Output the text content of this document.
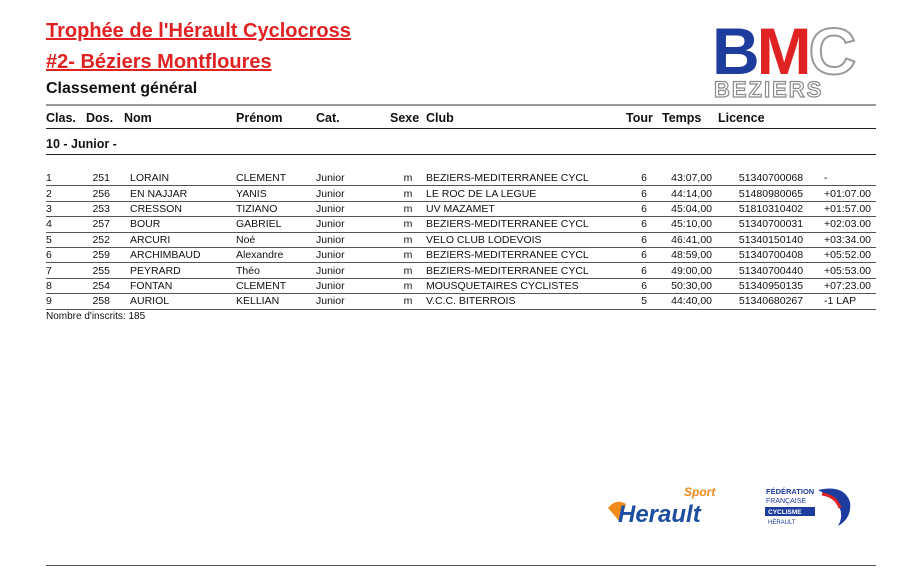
Trophée de l'Hérault Cyclocross
#2- Béziers Montfloures
Classement général
BMC
BEZIERS
Clas. Dos. Nom	Prénom	Cat.	Sexe Club	Tour Temps Licence
10 - Junior -
1	251	LORAIN	CLEMENT	Junior	m	BEZIERS-MEDITERRANEE CYCL	6	43:07,00	51340700068	-
2	256	EN NAJJAR	YANIS	Junior	m	LE ROC DE LA LEGUE	6	44:14,00	51480980065	+01:07.00
3	253	CRESSON	TIZIANO	Junior	m	UV MAZAMET	6	45:04,00	51810310402	+01:57.00
4	257	BOUR	GABRIEL	Junior	m	BEZIERS-MEDITERRANEE CYCL	6	45:10,00	51340700031	+02:03.00
5	252	ARCURI	Noé	Junior	m	VELO CLUB LODEVOIS	6	46:41,00	51340150140	+03:34.00
6	259	ARCHIMBAUD	Alexandre	Junior	m	BEZIERS-MEDITERRANEE CYCL	6	48:59,00	51340700408	+05:52.00
7	255	PEYRARD	Théo	Junior	m	BEZIERS-MEDITERRANEE CYCL	6	49:00,00	51340700440	+05:53.00
8	254	FONTAN	CLEMENT	Junior	m	MOUSQUETAIRES CYCLISTES	6	50:30,00	51340950135	+07:23.00
9	258	AURIOL	KELLIAN	Junior	m	V.C.C. BITERROIS	5	44:40,00	51340680267	-1 LAP
Nombre d'inscrits: 185
Sport
Herault
FÉDÉRATION
FRANÇAISE
CYCLISME
HÉRAULT
